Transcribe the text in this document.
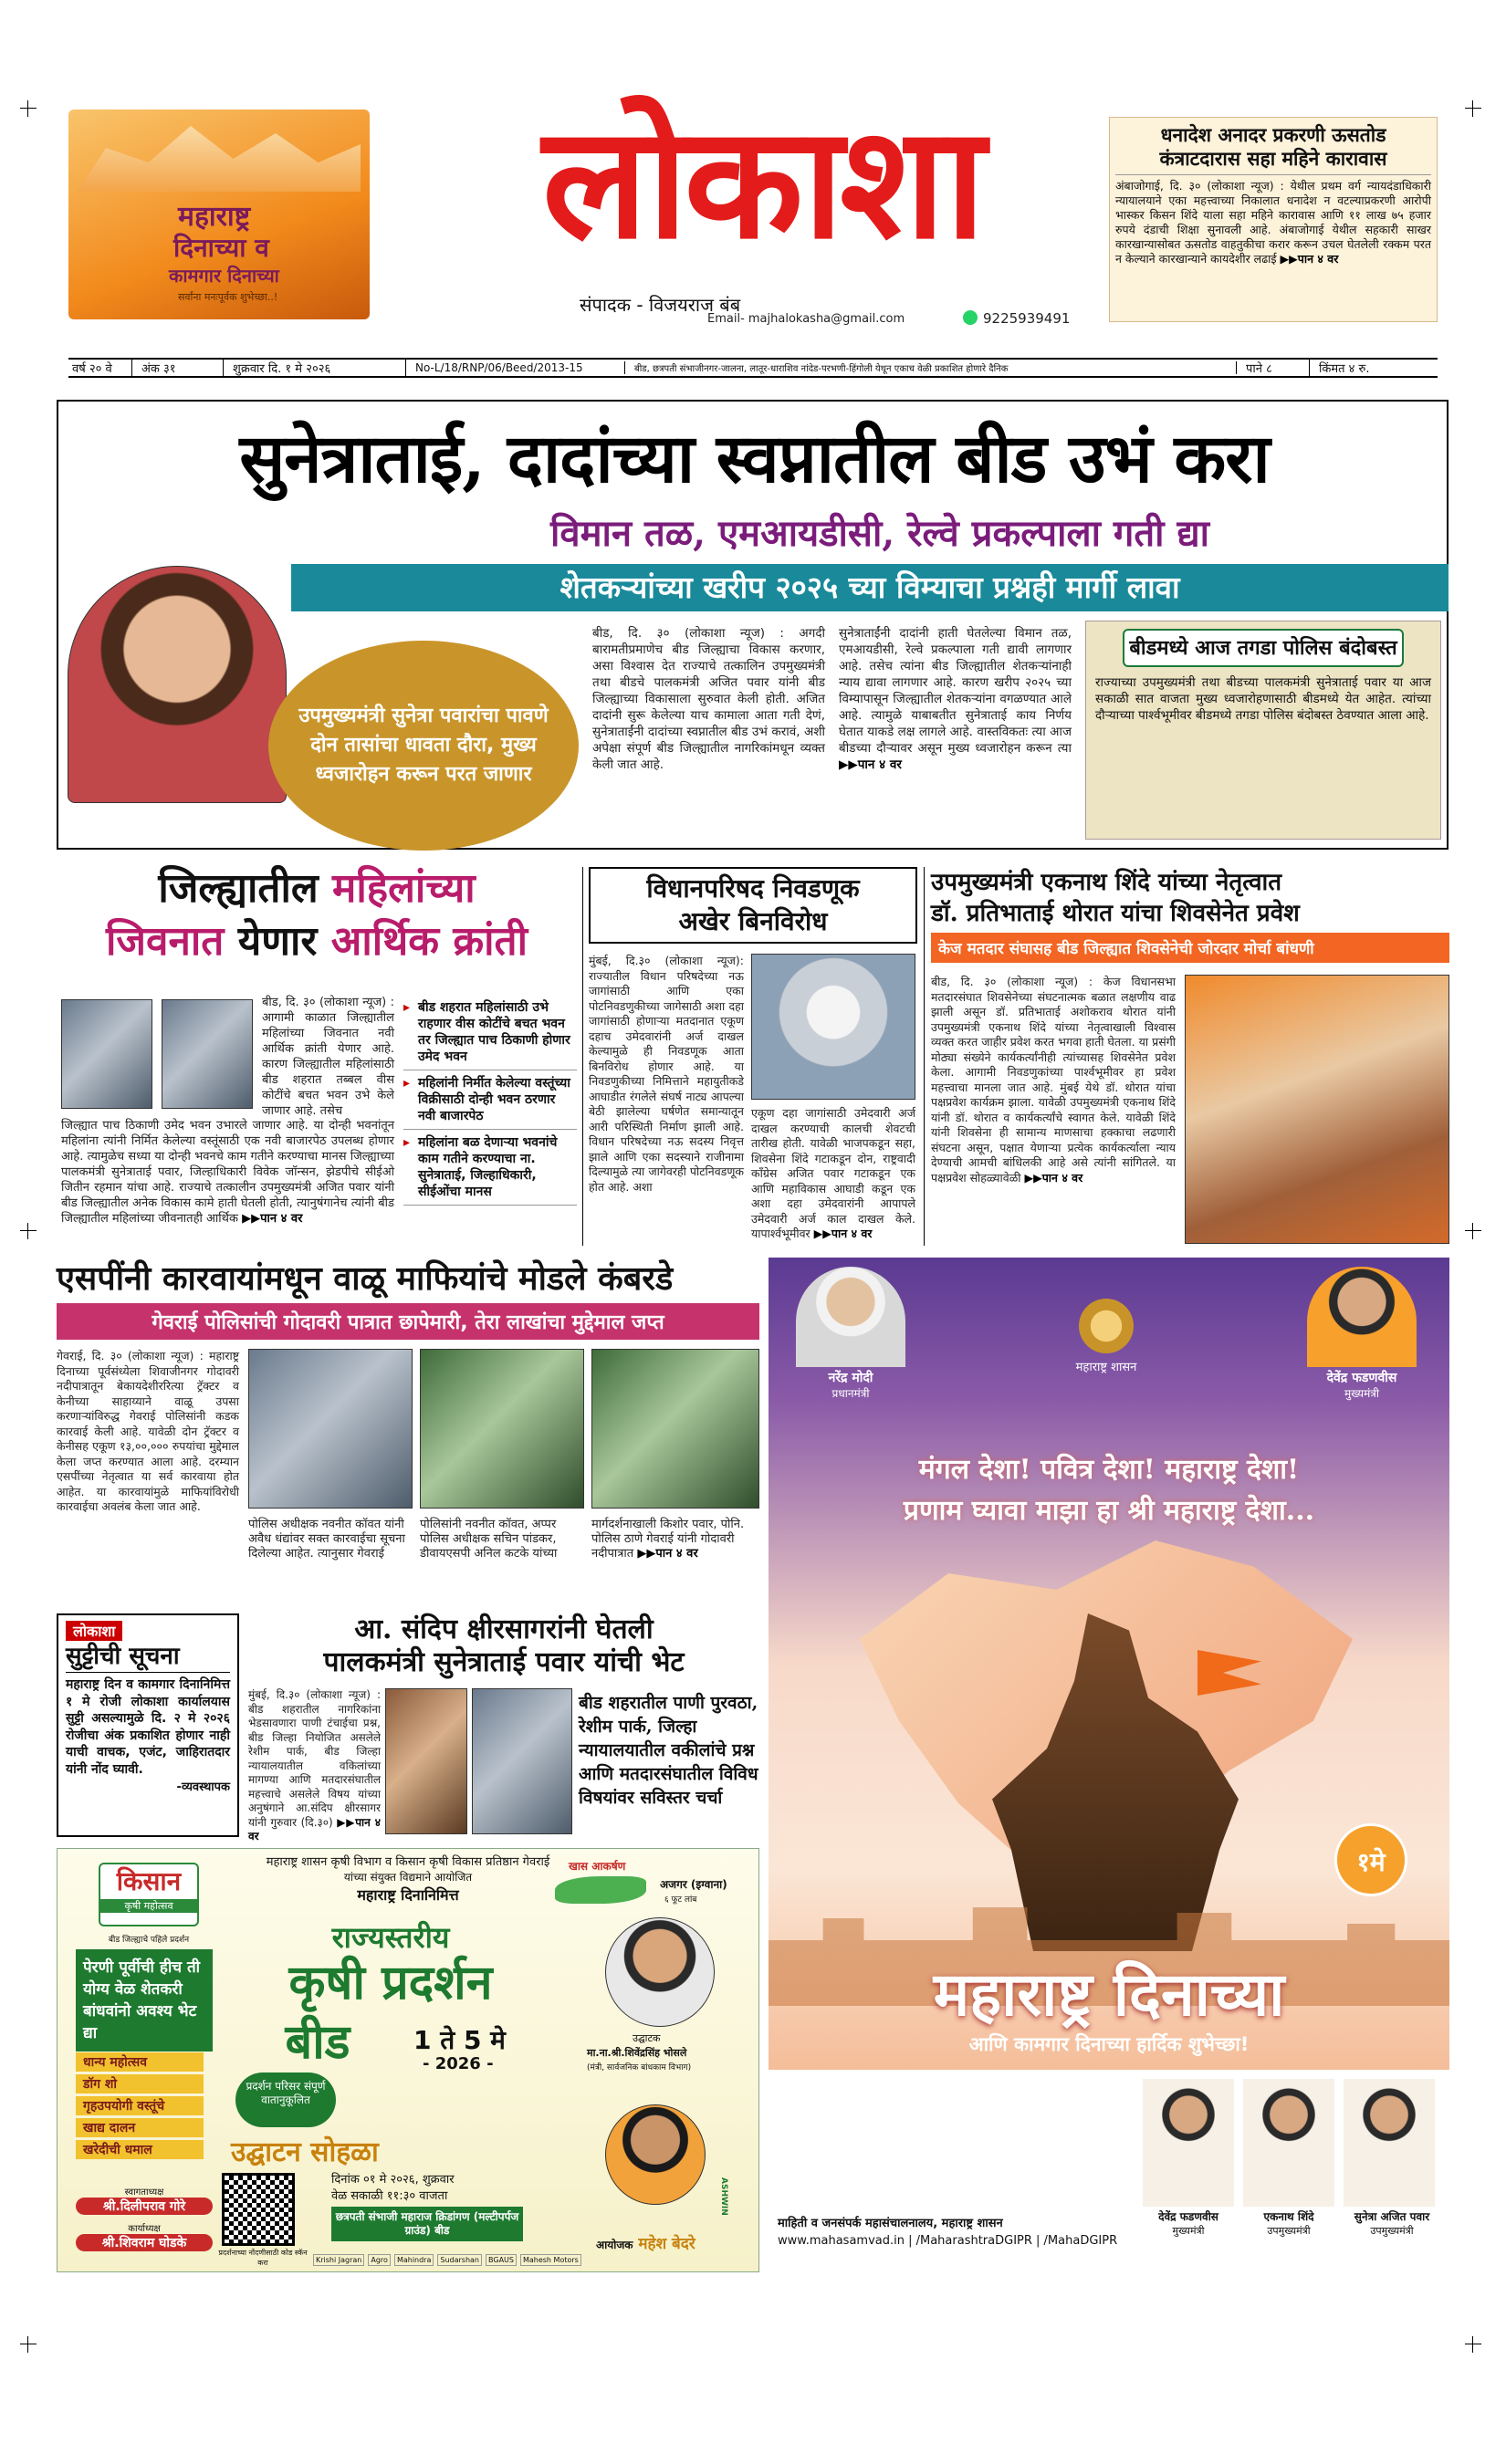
महाराष्ट्र
दिनाच्या व
कामगार दिनाच्या
सर्वांना मनःपूर्वक शुभेच्छा..!
लोकाशा
संपादक - विजयराज बंब
Email- majhalokasha@gmail.com	9225939491
धनादेश अनादर प्रकरणी ऊसतोड
कंत्राटदारास सहा महिने कारावास
अंबाजोगाई, दि. ३० (लोकाशा न्यूज) : येथील प्रथम वर्ग न्यायदंडाधिकारी न्यायालयाने एका महत्त्वाच्या निकालात धनादेश न वटल्याप्रकरणी आरोपी भास्कर किसन शिंदे याला सहा महिने कारावास आणि ११ लाख ७५ हजार रुपये दंडाची शिक्षा सुनावली आहे. अंबाजोगाई येथील सहकारी साखर कारखान्यासोबत ऊसतोड वाहतुकीचा करार करून उचल घेतलेली रक्कम परत न केल्याने कारखान्याने कायदेशीर लढाई ▶▶पान ४ वर
वर्ष २० वे	अंक ३१	शुक्रवार दि. १ मे २०२६	No-L/18/RNP/06/Beed/2013-15	बीड, छत्रपती संभाजीनगर-जालना, लातूर-धाराशिव नांदेड-परभणी-हिंगोली येथून एकाच वेळी प्रकाशित होणारे दैनिक	पाने ८	किंमत ४ रु.
सुनेत्राताई, दादांच्या स्वप्नातील बीड उभं करा
विमान तळ, एमआयडीसी, रेल्वे प्रकल्पाला गती द्या
शेतकऱ्यांच्या खरीप २०२५ च्या विम्याचा प्रश्नही मार्गी लावा
उपमुख्यमंत्री सुनेत्रा पवारांचा पावणे दोन तासांचा धावता दौरा, मुख्य ध्वजारोहन करून परत जाणार
बीड, दि. ३० (लोकाशा न्यूज) : अगदी बारामतीप्रमाणेच बीड जिल्ह्याचा विकास करणार, असा विश्वास देत राज्याचे तत्कालिन उपमुख्यमंत्री तथा बीडचे पालकमंत्री अजित पवार यांनी बीड जिल्ह्याच्या विकासाला सुरुवात केली होती. अजित दादांनी सुरू केलेल्या याच कामाला आता गती देणं, सुनेत्राताईंनी दादांच्या स्वप्नातील बीड उभं करावं, अशी अपेक्षा संपूर्ण बीड जिल्ह्यातील नागरिकांमधून व्यक्त केली जात आहे.
सुनेत्राताईंनी दादांनी हाती घेतलेल्या विमान तळ, एमआयडीसी, रेल्वे प्रकल्पाला गती द्यावी लागणार आहे. तसेच त्यांना बीड जिल्ह्यातील शेतकऱ्यांनाही न्याय द्यावा लागणार आहे. कारण खरीप २०२५ च्या विम्यापासून जिल्ह्यातील शेतकऱ्यांना वगळण्यात आले आहे. त्यामुळे याबाबतीत सुनेत्राताई काय निर्णय घेतात याकडे लक्ष लागले आहे. वास्तविकतः त्या आज बीडच्या दौऱ्यावर असून मुख्य ध्वजारोहन करून त्या ▶▶पान ४ वर
बीडमध्ये आज तगडा पोलिस बंदोबस्त
राज्याच्या उपमुख्यमंत्री तथा बीडच्या पालकमंत्री सुनेत्राताई पवार या आज सकाळी सात वाजता मुख्य ध्वजारोहणासाठी बीडमध्ये येत आहेत. त्यांच्या दौऱ्याच्या पार्श्वभूमीवर बीडमध्ये तगडा पोलिस बंदोबस्त ठेवण्यात आला आहे.
जिल्ह्यातील महिलांच्या
जिवनात येणार आर्थिक क्रांती
बीड, दि. ३० (लोकाशा न्यूज) : आगामी काळात जिल्ह्यातील महिलांच्या जिवनात नवी आर्थिक क्रांती येणार आहे. कारण जिल्ह्यातील महिलांसाठी बीड शहरात तब्बल वीस कोटींचे बचत भवन उभे केले जाणार आहे. तसेच
जिल्ह्यात पाच ठिकाणी उमेद भवन उभारले जाणार आहे. या दोन्ही भवनांतून महिलांना त्यांनी निर्मित केलेल्या वस्तूंसाठी एक नवी बाजारपेठ उपलब्ध होणार आहे. त्यामुळेच सध्या या दोन्ही भवनचे काम गतीने करण्याचा मानस जिल्ह्याच्या पालकमंत्री सुनेत्राताई पवार, जिल्हाधिकारी विवेक जॉन्सन, झेडपीचे सीईओ जितीन रहमान यांचा आहे. राज्याचे तत्कालीन उपमुख्यमंत्री अजित पवार यांनी बीड जिल्ह्यातील अनेक विकास कामे हाती घेतली होती, त्यानुषंगानेच त्यांनी बीड जिल्ह्यातील महिलांच्या जीवनातही आर्थिक ▶▶पान ४ वर
▸ बीड शहरात महिलांसाठी उभे राहणार वीस कोटींचे बचत भवन तर जिल्ह्यात पाच ठिकाणी होणार उमेद भवन
▸ महिलांनी निर्मीत केलेल्या वस्तूंच्या विक्रीसाठी दोन्ही भवन ठरणार नवी बाजारपेठ
▸ महिलांना बळ देणाऱ्या भवनांचे काम गतीने करण्याचा ना. सुनेत्राताई, जिल्हाधिकारी, सीईओंचा मानस
विधानपरिषद निवडणूक
अखेर बिनविरोध
मुंबई, दि.३० (लोकाशा न्यूज): राज्यातील विधान परिषदेच्या नऊ जागांसाठी आणि एका पोटनिवडणुकीच्या जागेसाठी अशा दहा जागांसाठी होणाऱ्या मतदानात एकूण दहाच उमेदवारांनी अर्ज दाखल केल्यामुळे ही निवडणूक आता बिनविरोध होणार आहे. या निवडणुकीच्या निमित्ताने महायुतीकडे आघाडीत रंगलेले संघर्ष नाट्य आपल्या बेठी झालेल्या घर्षणेत समान्यातून आरी परिस्थिती निर्माण झाली आहे. विधान परिषदेच्या नऊ सदस्य निवृत्त झाले आणि एका सदस्याने राजीनामा दिल्यामुळे त्या जागेवरही पोटनिवडणूक होत आहे. अशा
एकूण दहा जागांसाठी उमेदवारी अर्ज दाखल करण्याची कालची शेवटची तारीख होती. यावेळी भाजपकडून सहा, शिवसेना शिंदे गटाकडून दोन, राष्ट्रवादी काँग्रेस अजित पवार गटाकडून एक आणि महाविकास आघाडी कडून एक अशा दहा उमेदवारांनी आपापले उमेदवारी अर्ज काल दाखल केले. यापार्श्वभूमीवर ▶▶पान ४ वर
उपमुख्यमंत्री एकनाथ शिंदे यांच्या नेतृत्वात
डॉ. प्रतिभाताई थोरात यांचा शिवसेनेत प्रवेश
केज मतदार संघासह बीड जिल्ह्यात शिवसेनेची जोरदार मोर्चा बांधणी
बीड, दि. ३० (लोकाशा न्यूज) : केज विधानसभा मतदारसंघात शिवसेनेच्या संघटनात्मक बळात लक्षणीय वाढ झाली असून डॉ. प्रतिभाताई अशोकराव थोरात यांनी उपमुख्यमंत्री एकनाथ शिंदे यांच्या नेतृत्वाखाली विश्वास व्यक्त करत जाहीर प्रवेश करत भगवा हाती घेतला. या प्रसंगी मोठ्या संख्येने कार्यकर्त्यांनीही त्यांच्यासह शिवसेनेत प्रवेश केला. आगामी निवडणुकांच्या पार्श्वभूमीवर हा प्रवेश महत्त्वाचा मानला जात आहे. मुंबई येथे डॉ. थोरात यांचा पक्षप्रवेश कार्यक्रम झाला. यावेळी उपमुख्यमंत्री एकनाथ शिंदे यांनी डॉ. थोरात व कार्यकर्त्यांचे स्वागत केले. यावेळी शिंदे यांनी शिवसेना ही सामान्य माणसाचा हक्काचा लढणारी संघटना असून, पक्षात येणाऱ्या प्रत्येक कार्यकर्त्याला न्याय देण्याची आमची बांधिलकी आहे असे त्यांनी सांगितले. या पक्षप्रवेश सोहळ्यावेळी ▶▶पान ४ वर
एसपींनी कारवायांमधून वाळू माफियांचे मोडले कंबरडे
गेवराई पोलिसांची गोदावरी पात्रात छापेमारी, तेरा लाखांचा मुद्देमाल जप्त
गेवराई, दि. ३० (लोकाशा न्यूज) : महाराष्ट्र दिनाच्या पूर्वसंध्येला शिवाजीनगर गोदावरी नदीपात्रातून बेकायदेशीररित्या ट्रॅक्टर व केनीच्या साहाय्याने वाळू उपसा करणाऱ्यांविरुद्ध गेवराई पोलिसांनी कडक कारवाई केली आहे. यावेळी दोन ट्रॅक्टर व केनीसह एकूण १३,००,००० रुपयांचा मुद्देमाल केला जप्त करण्यात आला आहे. दरम्यान एसपींच्या नेतृत्वात या सर्व कारवाया होत आहेत. या कारवायांमुळे माफियांविरोधी कारवाईचा अवलंब केला जात आहे.
पोलिस अधीक्षक नवनीत कॉवत यांनी अवैध धंद्यांवर सक्त कारवाईचा सूचना दिलेल्या आहेत. त्यानुसार गेवराई
पोलिसांनी नवनीत कॉवत, अप्पर पोलिस अधीक्षक सचिन पांडकर, डीवायएसपी अनिल कटके यांच्या
मार्गदर्शनाखाली किशोर पवार, पोनि. पोलिस ठाणे गेवराई यांनी गोदावरी नदीपात्रात ▶▶पान ४ वर
लोकाशा
सुट्टीची सूचना
महाराष्ट्र दिन व कामगार दिनानिमित्त १ मे रोजी लोकाशा कार्यालयास सुट्टी असल्यामुळे दि. २ मे २०२६ रोजीचा अंक प्रकाशित होणार नाही याची वाचक, एजंट, जाहिरातदार यांनी नोंद घ्यावी.
-व्यवस्थापक
आ. संदिप क्षीरसागरांनी घेतली
पालकमंत्री सुनेत्राताई पवार यांची भेट
मुंबई, दि.३० (लोकाशा न्यूज) : बीड शहरातील नागरिकांना भेडसावणारा पाणी टंचाईचा प्रश्न, बीड जिल्हा नियोजित असलेले रेशीम पार्क, बीड जिल्हा न्यायालयातील वकिलांच्या मागण्या आणि मतदारसंघातील महत्त्वाचे असलेले विषय यांच्या अनुषंगाने आ.संदिप क्षीरसागर यांनी गुरुवार (दि.३०) ▶▶पान ४ वर
बीड शहरातील पाणी पुरवठा, रेशीम पार्क, जिल्हा न्यायालयातील वकीलांचे प्रश्न आणि मतदारसंघातील विविध विषयांवर सविस्तर चर्चा
महाराष्ट्र शासन कृषी विभाग व किसान कृषी विकास प्रतिष्ठान गेवराई
यांच्या संयुक्त विद्यमाने आयोजित
महाराष्ट्र दिनानिमित्त
किसान
कृषी महोत्सव
बीड जिल्ह्याचे पहिले प्रदर्शन
पेरणी पूर्वीची हीच ती योग्य वेळ शेतकरी बांधवांनो अवश्य भेट द्या
धान्य महोत्सव
डॉग शो
गृहउपयोगी वस्तूंचे
खाद्य दालन
खरेदीची धमाल
स्वागताध्यक्ष
श्री.दिलीपराव गोरे
कार्याध्यक्ष
श्री.शिवराम घोडके
राज्यस्तरीय
कृषी प्रदर्शन
बीड	1 ते 5 मे
- 2026 -
प्रदर्शन परिसर संपूर्ण वातानुकूलित
उद्घाटन सोहळा
दिनांक ०१ मे २०२६, शुक्रवार
वेळ सकाळी ११:३० वाजता
प्रदर्शनाच्या नोंदणीसाठी कोड स्कॅन करा
छत्रपती संभाजी महाराज क्रिडांगण (मल्टीपर्पज ग्राउंड) बीड
खास आकर्षण
अजगर (इग्वाना)
६ फूट लांब
उद्घाटक
मा.ना.श्री.शिवेंद्रसिंह भोसले
(मंत्री, सार्वजनिक बांधकाम विभाग)
आयोजक महेश बेदरे
Krishi Jagran	Agro	Mahindra	Sudarshan	BGAUS	Mahesh Motors
ASHWIN
नरेंद्र मोदी
प्रधानमंत्री
महाराष्ट्र शासन
देवेंद्र फडणवीस
मुख्यमंत्री
मंगल देशा! पवित्र देशा! महाराष्ट्र देशा!
प्रणाम घ्यावा माझा हा श्री महाराष्ट्र देशा...
१मे
महाराष्ट्र दिनाच्या
आणि कामगार दिनाच्या हार्दिक शुभेच्छा!
देवेंद्र फडणवीस
मुख्यमंत्री
एकनाथ शिंदे
उपमुख्यमंत्री
सुनेत्रा अजित पवार
उपमुख्यमंत्री
माहिती व जनसंपर्क महासंचालनालय, महाराष्ट्र शासन
www.mahasamvad.in | /MaharashtraDGIPR | /MahaDGIPR
